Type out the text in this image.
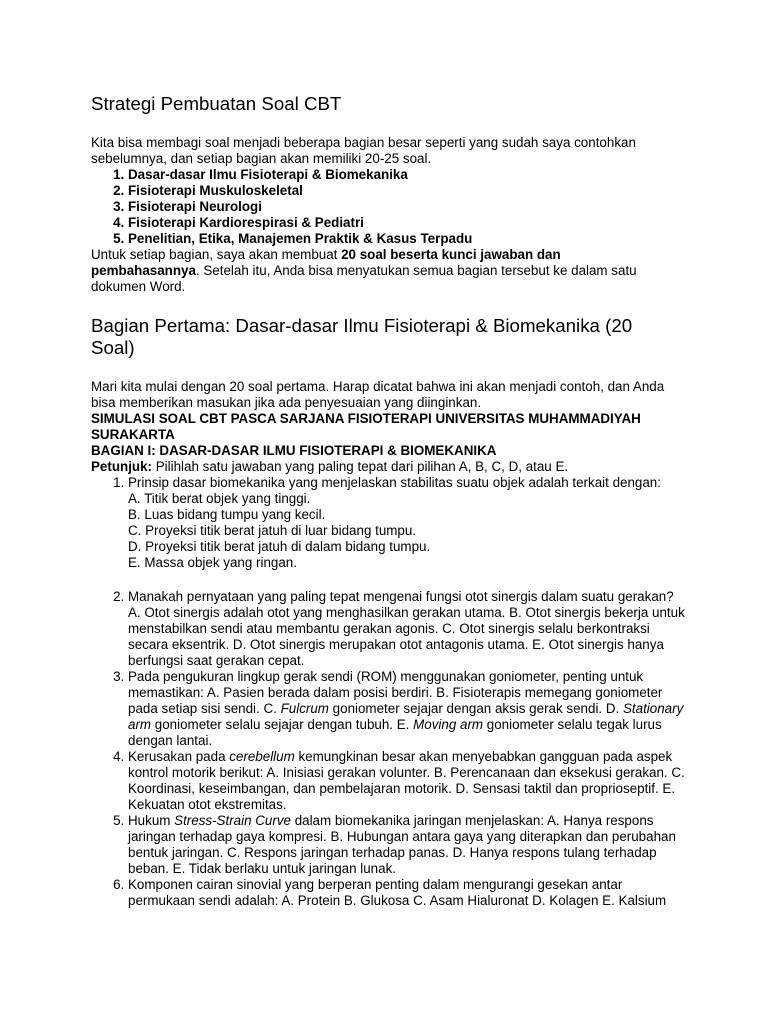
Strategi Pembuatan Soal CBT

Kita bisa membagi soal menjadi beberapa bagian besar seperti yang sudah saya contohkan sebelumnya, dan setiap bagian akan memiliki 20-25 soal.

1. Dasar-dasar Ilmu Fisioterapi & Biomekanika
2. Fisioterapi Muskuloskeletal
3. Fisioterapi Neurologi
4. Fisioterapi Kardiorespirasi & Pediatri
5. Penelitian, Etika, Manajemen Praktik & Kasus Terpadu

Untuk setiap bagian, saya akan membuat 20 soal beserta kunci jawaban dan pembahasannya. Setelah itu, Anda bisa menyatukan semua bagian tersebut ke dalam satu dokumen Word.

Bagian Pertama: Dasar-dasar Ilmu Fisioterapi & Biomekanika (20 Soal)

Mari kita mulai dengan 20 soal pertama. Harap dicatat bahwa ini akan menjadi contoh, dan Anda bisa memberikan masukan jika ada penyesuaian yang diinginkan.

SIMULASI SOAL CBT PASCA SARJANA FISIOTERAPI UNIVERSITAS MUHAMMADIYAH SURAKARTA

BAGIAN I: DASAR-DASAR ILMU FISIOTERAPI & BIOMEKANIKA

Petunjuk: Pilihlah satu jawaban yang paling tepat dari pilihan A, B, C, D, atau E.

1. Prinsip dasar biomekanika yang menjelaskan stabilitas suatu objek adalah terkait dengan:
A. Titik berat objek yang tinggi.
B. Luas bidang tumpu yang kecil.
C. Proyeksi titik berat jatuh di luar bidang tumpu.
D. Proyeksi titik berat jatuh di dalam bidang tumpu.
E. Massa objek yang ringan.
2. Manakah pernyataan yang paling tepat mengenai fungsi otot sinergis dalam suatu gerakan? A. Otot sinergis adalah otot yang menghasilkan gerakan utama. B. Otot sinergis bekerja untuk menstabilkan sendi atau membantu gerakan agonis. C. Otot sinergis selalu berkontraksi secara eksentrik. D. Otot sinergis merupakan otot antagonis utama. E. Otot sinergis hanya berfungsi saat gerakan cepat.
3. Pada pengukuran lingkup gerak sendi (ROM) menggunakan goniometer, penting untuk memastikan: A. Pasien berada dalam posisi berdiri. B. Fisioterapis memegang goniometer pada setiap sisi sendi. C. Fulcrum goniometer sejajar dengan aksis gerak sendi. D. Stationary arm goniometer selalu sejajar dengan tubuh. E. Moving arm goniometer selalu tegak lurus dengan lantai.
4. Kerusakan pada cerebellum kemungkinan besar akan menyebabkan gangguan pada aspek kontrol motorik berikut: A. Inisiasi gerakan volunter. B. Perencanaan dan eksekusi gerakan. C. Koordinasi, keseimbangan, dan pembelajaran motorik. D. Sensasi taktil dan proprioseptif. E. Kekuatan otot ekstremitas.
5. Hukum Stress-Strain Curve dalam biomekanika jaringan menjelaskan: A. Hanya respons jaringan terhadap gaya kompresi. B. Hubungan antara gaya yang diterapkan dan perubahan bentuk jaringan. C. Respons jaringan terhadap panas. D. Hanya respons tulang terhadap beban. E. Tidak berlaku untuk jaringan lunak.
6. Komponen cairan sinovial yang berperan penting dalam mengurangi gesekan antar permukaan sendi adalah: A. Protein B. Glukosa C. Asam Hialuronat D. Kolagen E. Kalsium
